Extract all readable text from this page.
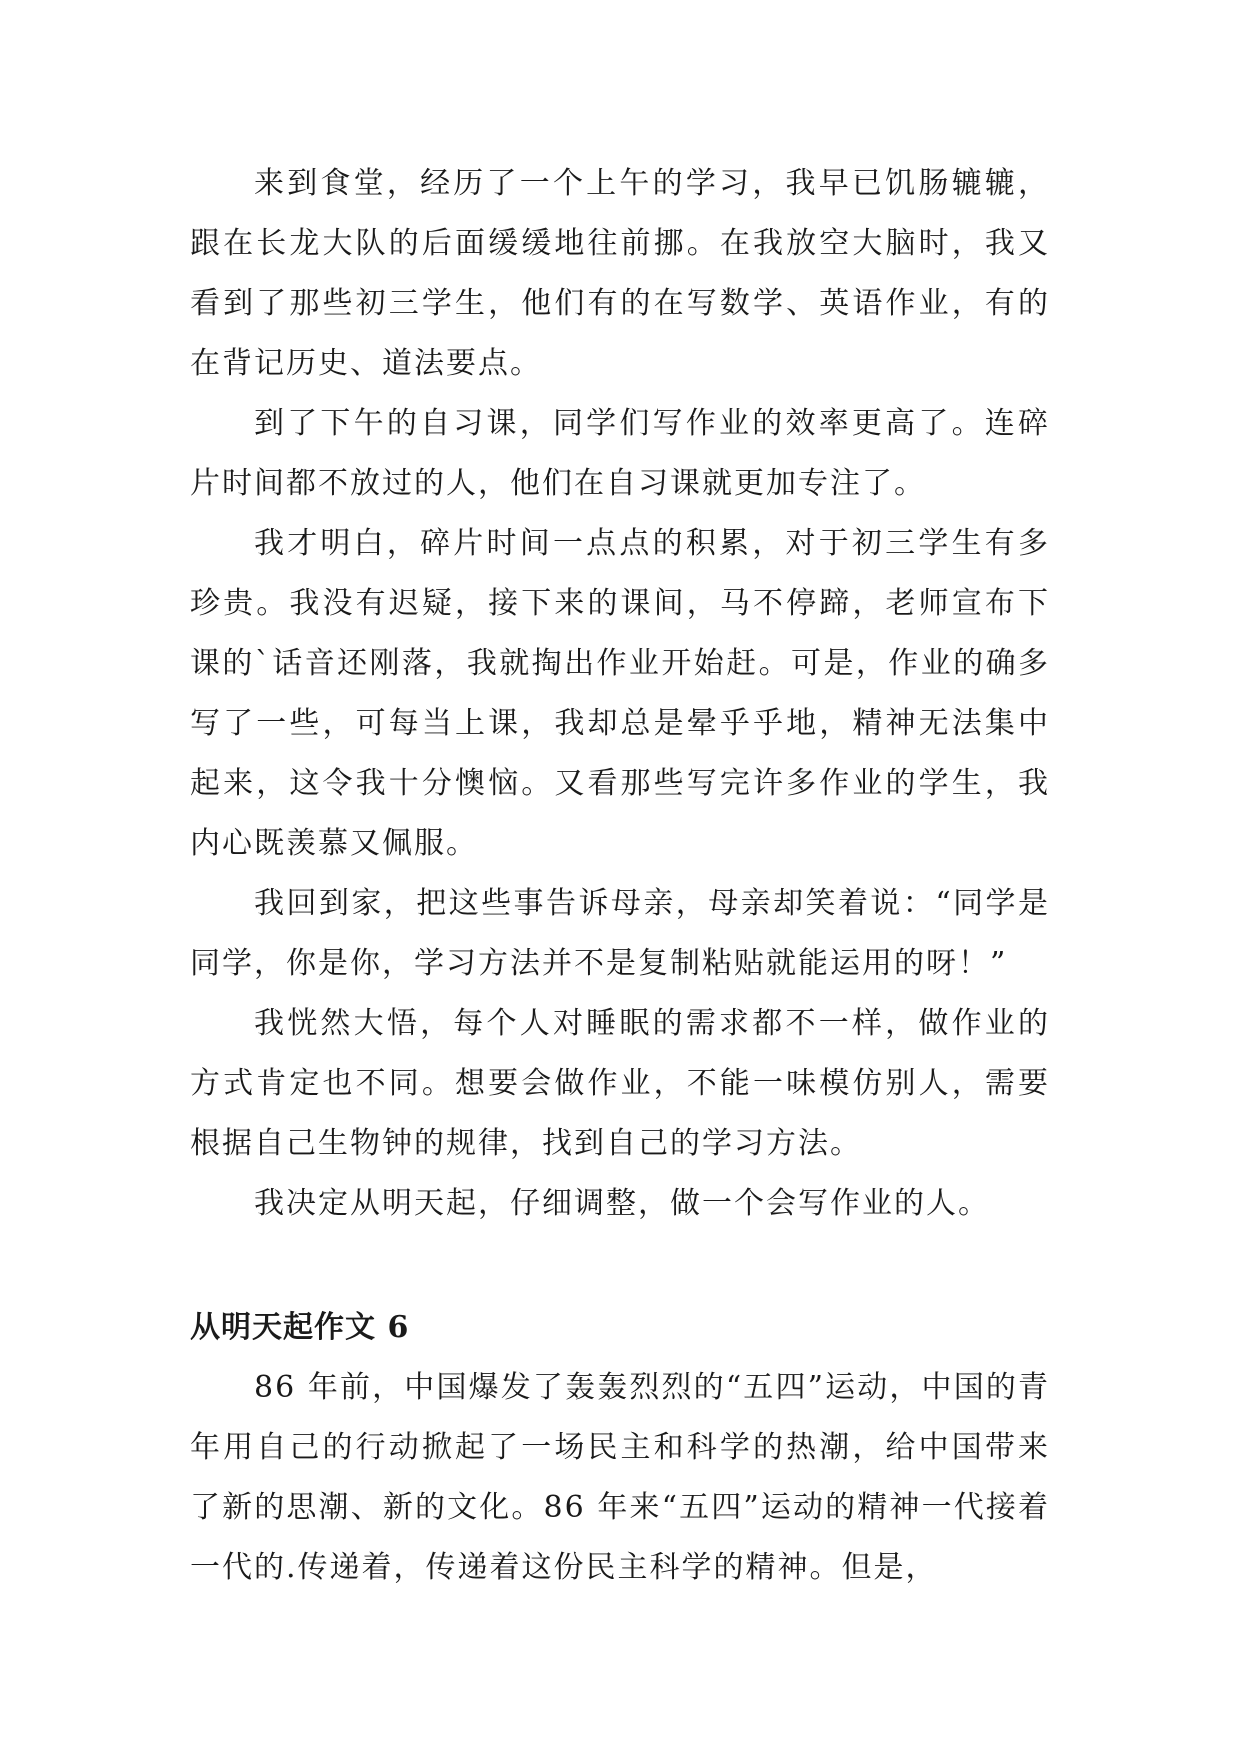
来到食堂，经历了一个上午的学习，我早已饥肠辘辘，跟在长龙大队的后面缓缓地往前挪。在我放空大脑时，我又看到了那些初三学生，他们有的在写数学、英语作业，有的在背记历史、道法要点。

到了下午的自习课，同学们写作业的效率更高了。连碎片时间都不放过的人，他们在自习课就更加专注了。

我才明白，碎片时间一点点的积累，对于初三学生有多珍贵。我没有迟疑，接下来的课间，马不停蹄，老师宣布下课的`话音还刚落，我就掏出作业开始赶。可是，作业的确多写了一些，可每当上课，我却总是晕乎乎地，精神无法集中起来，这令我十分懊恼。又看那些写完许多作业的学生，我内心既羡慕又佩服。

我回到家，把这些事告诉母亲，母亲却笑着说：“同学是同学，你是你，学习方法并不是复制粘贴就能运用的呀！”

我恍然大悟，每个人对睡眠的需求都不一样，做作业的方式肯定也不同。想要会做作业，不能一味模仿别人，需要根据自己生物钟的规律，找到自己的学习方法。

我决定从明天起，仔细调整，做一个会写作业的人。

从明天起作文 6

86 年前，中国爆发了轰轰烈烈的“五四”运动，中国的青年用自己的行动掀起了一场民主和科学的热潮，给中国带来了新的思潮、新的文化。86 年来“五四”运动的精神一代接着一代的.传递着，传递着这份民主科学的精神。但是，
